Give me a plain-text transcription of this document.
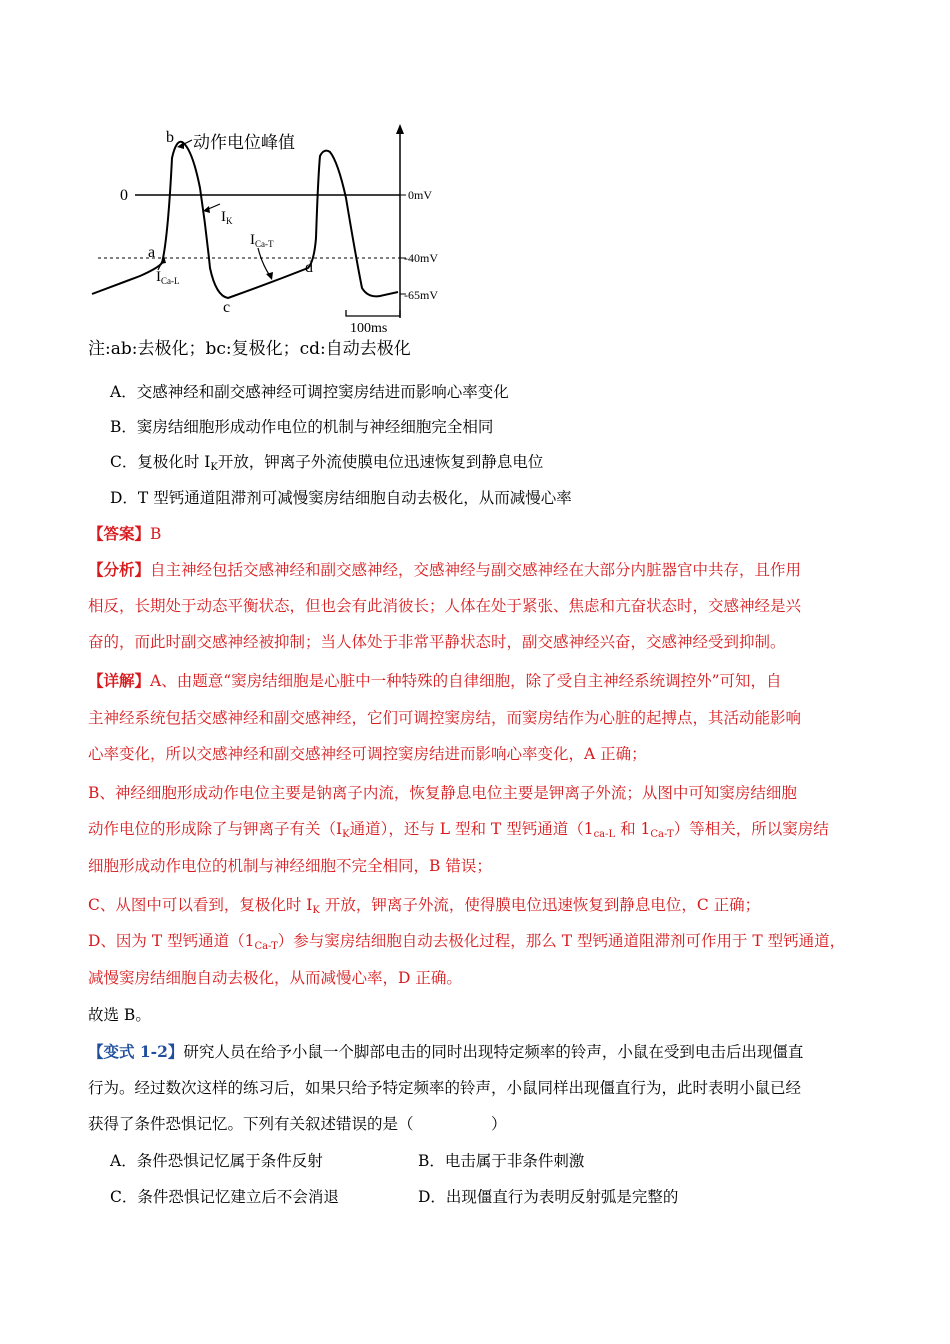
b 动作电位峰值
0	0mV
-40mV
-65mV
$I_K$
$I_{Ca-T}$
a
$I_{Ca-L}$
d
c
100ms
注:ab:去极化；bc:复极化；cd:自动去极化
A．交感神经和副交感神经可调控窦房结进而影响心率变化
B．窦房结细胞形成动作电位的机制与神经细胞完全相同
C．复极化时 $I_K$开放，钾离子外流使膜电位迅速恢复到静息电位
D．T 型钙通道阻滞剂可减慢窦房结细胞自动去极化，从而减慢心率
【答案】B
【分析】自主神经包括交感神经和副交感神经，交感神经与副交感神经在大部分内脏器官中共存，且作用
相反，长期处于动态平衡状态，但也会有此消彼长；人体在处于紧张、焦虑和亢奋状态时，交感神经是兴
奋的，而此时副交感神经被抑制；当人体处于非常平静状态时，副交感神经兴奋，交感神经受到抑制。
【详解】A、由题意“窦房结细胞是心脏中一种特殊的自律细胞，除了受自主神经系统调控外”可知，自
主神经系统包括交感神经和副交感神经，它们可调控窦房结，而窦房结作为心脏的起搏点，其活动能影响
心率变化，所以交感神经和副交感神经可调控窦房结进而影响心率变化，A 正确；
B、神经细胞形成动作电位主要是钠离子内流，恢复静息电位主要是钾离子外流；从图中可知窦房结细胞
动作电位的形成除了与钾离子有关（$I_K$通道），还与 L 型和 T 型钙通道（$1_{ca-L}$ 和 $1_{Ca-T}$）等相关，所以窦房结
细胞形成动作电位的机制与神经细胞不完全相同，B 错误；
C、从图中可以看到，复极化时 $I_K$ 开放，钾离子外流，使得膜电位迅速恢复到静息电位，C 正确；
D、因为 T 型钙通道$(1_{Ca-T})$参与窦房结细胞自动去极化过程，那么 T 型钙通道阻滞剂可作用于 T 型钙通道，
减慢窦房结细胞自动去极化，从而减慢心率，D 正确。
故选 B。
【变式 1-2】研究人员在给予小鼠一个脚部电击的同时出现特定频率的铃声，小鼠在受到电击后出现僵直
行为。经过数次这样的练习后，如果只给予特定频率的铃声，小鼠同样出现僵直行为，此时表明小鼠已经
获得了条件恐惧记忆。下列有关叙述错误的是（　　　　　）
A．条件恐惧记忆属于条件反射	B．电击属于非条件刺激
C．条件恐惧记忆建立后不会消退	D．出现僵直行为表明反射弧是完整的
